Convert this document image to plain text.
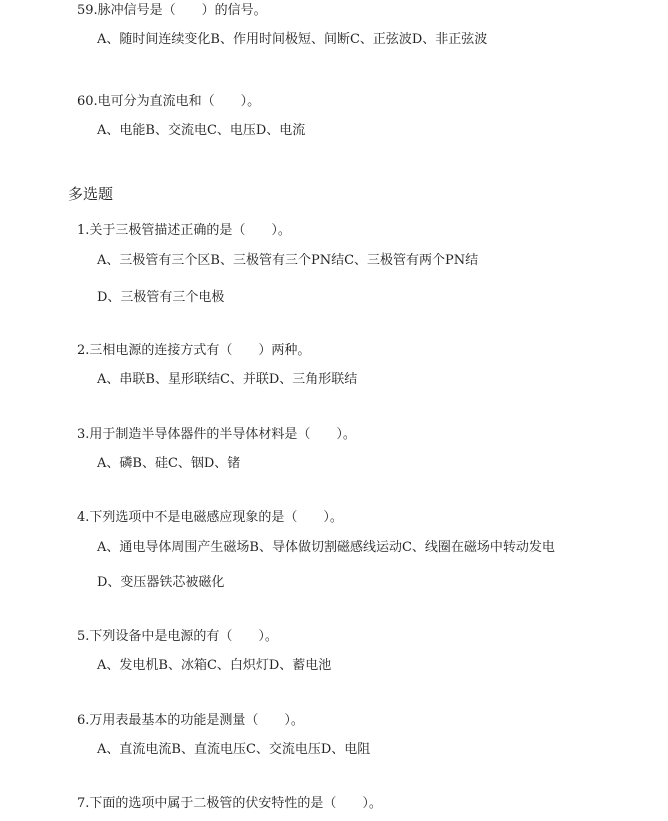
59.脉冲信号是（　　）的信号。
A、随时间连续变化B、作用时间极短、间断C、正弦波D、非正弦波
60.电可分为直流电和（　　）。
A、电能B、交流电C、电压D、电流
多选题
1.关于三极管描述正确的是（　　）。
A、三极管有三个区B、三极管有三个PN结C、三极管有两个PN结
D、三极管有三个电极
2.三相电源的连接方式有（　　）两种。
A、串联B、星形联结C、并联D、三角形联结
3.用于制造半导体器件的半导体材料是（　　）。
A、磷B、硅C、铟D、锗
4.下列选项中不是电磁感应现象的是（　　）。
A、通电导体周围产生磁场B、导体做切割磁感线运动C、线圈在磁场中转动发电
D、变压器铁芯被磁化
5.下列设备中是电源的有（　　）。
A、发电机B、冰箱C、白炽灯D、蓄电池
6.万用表最基本的功能是测量（　　）。
A、直流电流B、直流电压C、交流电压D、电阻
7.下面的选项中属于二极管的伏安特性的是（　　）。
